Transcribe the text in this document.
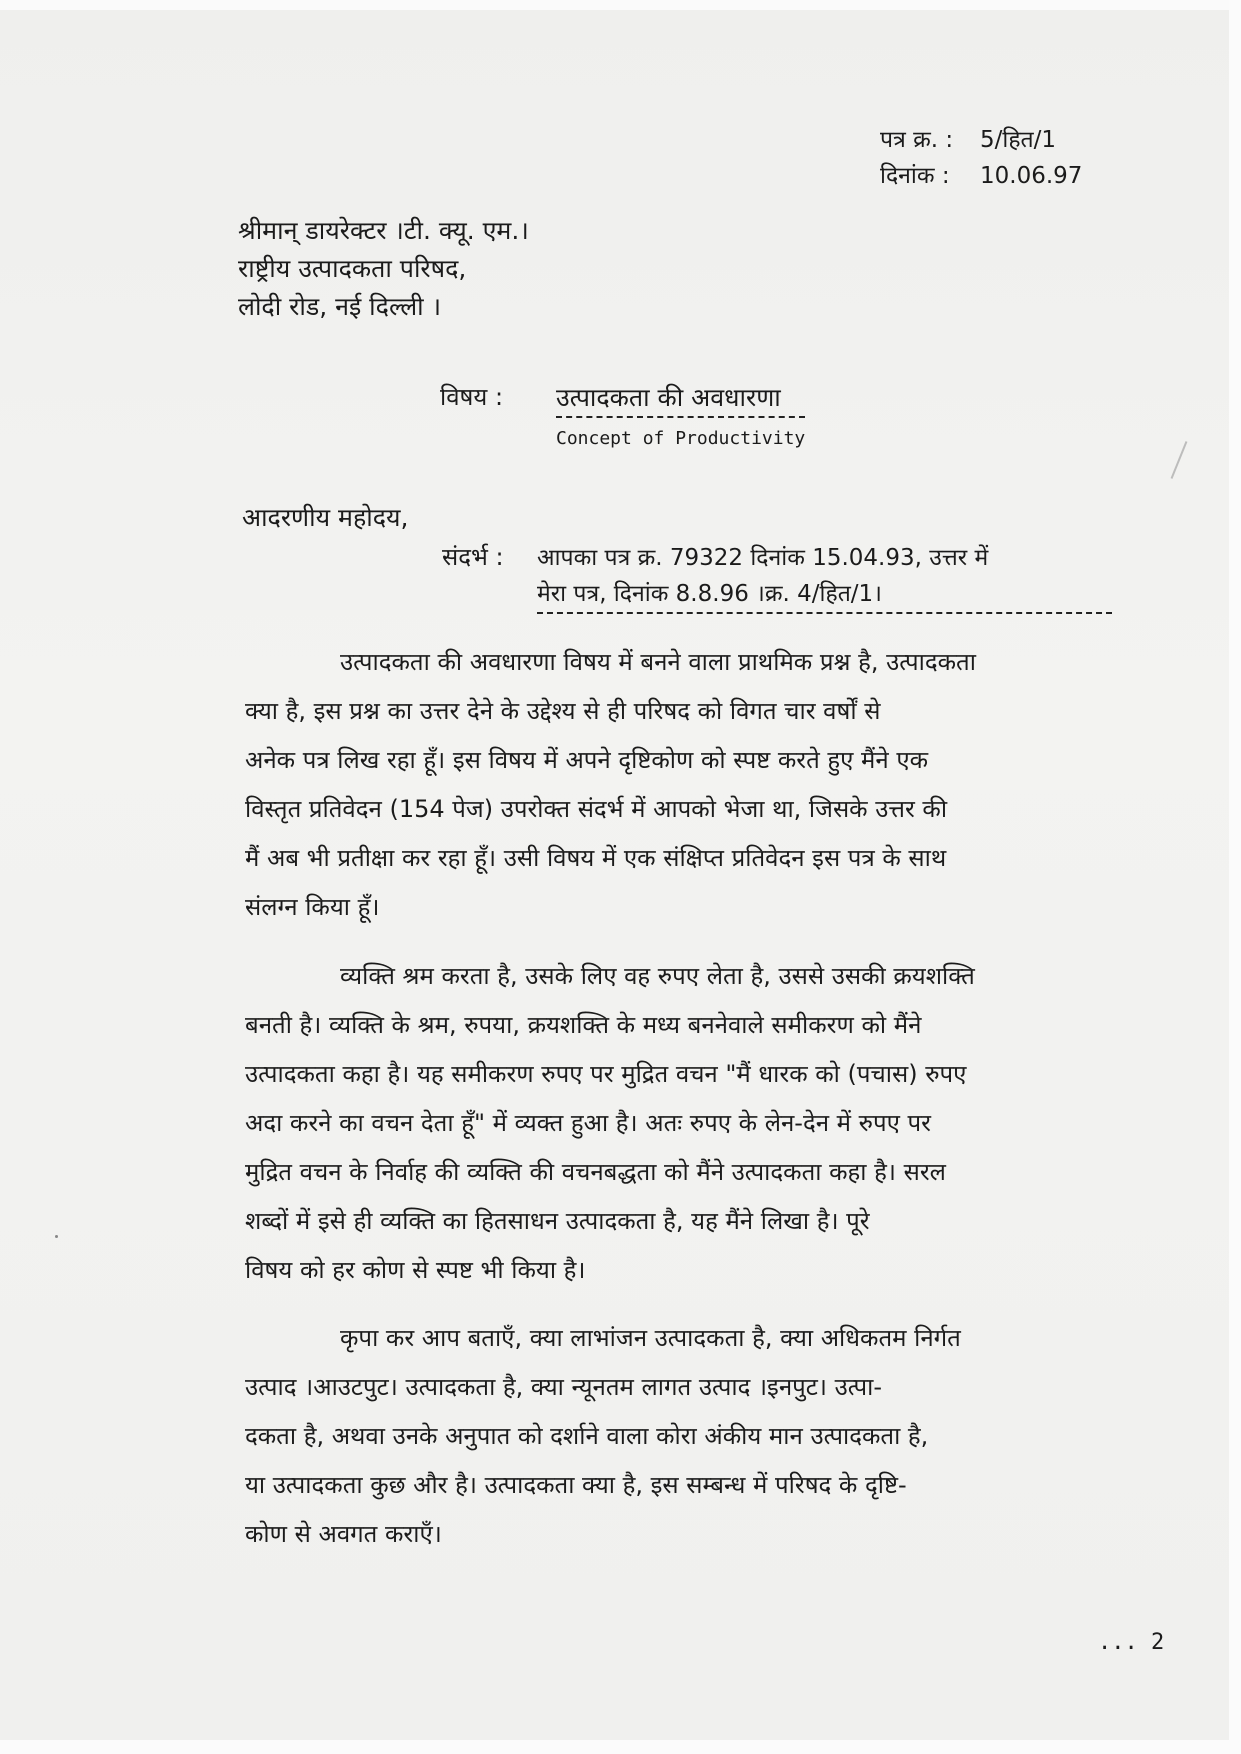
पत्र क्र. :	5/हित/1
दिनांक :	10.06.97
श्रीमान् डायरेक्टर ।टी. क्यू. एम.।
राष्ट्रीय उत्पादकता परिषद,
लोदी रोड, नई दिल्ली ।
विषय :	उत्पादकता की अवधारणा
Concept of Productivity
आदरणीय महोदय,
संदर्भ :	आपका पत्र क्र. 79322 दिनांक 15.04.93, उत्तर में
मेरा पत्र, दिनांक 8.8.96 ।क्र. 4/हित/1।
उत्पादकता की अवधारणा विषय में बनने वाला प्राथमिक प्रश्न है, उत्पादकता
क्या है, इस प्रश्न का उत्तर देने के उद्देश्य से ही परिषद को विगत चार वर्षों से
अनेक पत्र लिख रहा हूँ। इस विषय में अपने दृष्टिकोण को स्पष्ट करते हुए मैंने एक
विस्तृत प्रतिवेदन (154 पेज) उपरोक्त संदर्भ में आपको भेजा था, जिसके उत्तर की
मैं अब भी प्रतीक्षा कर रहा हूँ। उसी विषय में एक संक्षिप्त प्रतिवेदन इस पत्र के साथ
संलग्न किया हूँ।
व्यक्ति श्रम करता है, उसके लिए वह रुपए लेता है, उससे उसकी क्रयशक्ति
बनती है। व्यक्ति के श्रम, रुपया, क्रयशक्ति के मध्य बननेवाले समीकरण को मैंने
उत्पादकता कहा है। यह समीकरण रुपए पर मुद्रित वचन "मैं धारक को (पचास) रुपए
अदा करने का वचन देता हूँ" में व्यक्त हुआ है। अतः रुपए के लेन-देन में रुपए पर
मुद्रित वचन के निर्वाह की व्यक्ति की वचनबद्धता को मैंने उत्पादकता कहा है। सरल
शब्दों में इसे ही व्यक्ति का हितसाधन उत्पादकता है, यह मैंने लिखा है। पूरे
विषय को हर कोण से स्पष्ट भी किया है।
कृपा कर आप बताएँ, क्या लाभांजन उत्पादकता है, क्या अधिकतम निर्गत
उत्पाद ।आउटपुट। उत्पादकता है, क्या न्यूनतम लागत उत्पाद ।इनपुट। उत्पा-
दकता है, अथवा उनके अनुपात को दर्शाने वाला कोरा अंकीय मान उत्पादकता है,
या उत्पादकता कुछ और है। उत्पादकता क्या है, इस सम्बन्ध में परिषद के दृष्टि-
कोण से अवगत कराएँ।
... 2
